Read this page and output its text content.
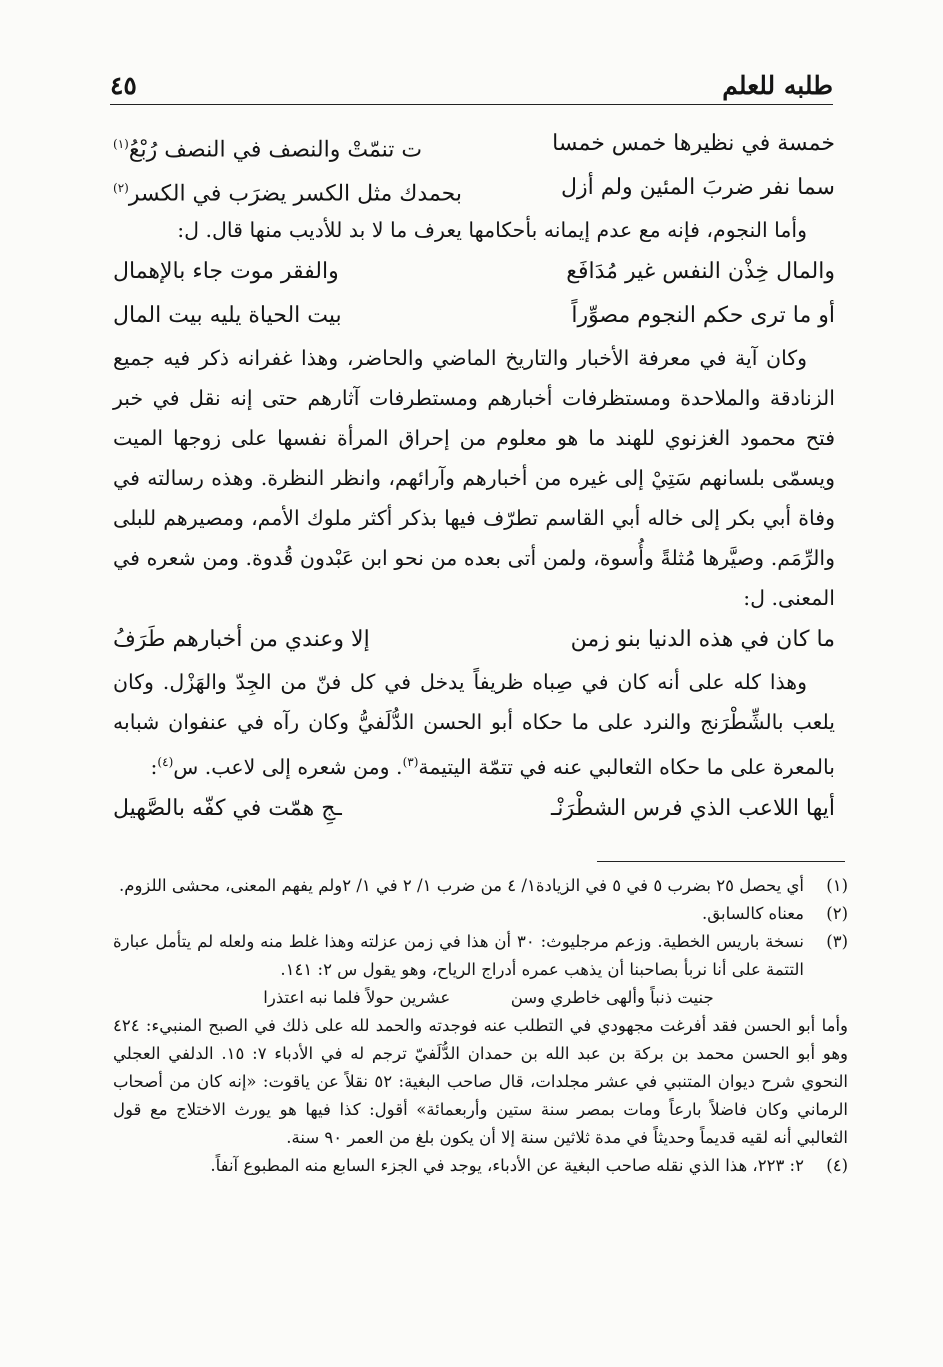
طلبه للعلم
٤٥
خمسة في نظيرها خمس خمسا
ت تنمّتْ والنصف في النصف رُبْعُ$^{(١)}$
سما نفر ضربَ المئين ولم أزل
بحمدك مثل الكسر يضرَب في الكسر$^{(٢)}$

وأما النجوم، فإنه مع عدم إيمانه بأحكامها يعرف ما لا بد للأديب منها قال. ل:

والمال خِذْن النفس غير مُدَافَع
والفقر موت جاء بالإهمال
أو ما ترى حكم النجوم مصوِّراً
بيت الحياة يليه بيت المال

وكان آية في معرفة الأخبار والتاريخ الماضي والحاضر، وهذا غفرانه ذكر فيه جميع الزنادقة والملاحدة ومستظرفات أخبارهم ومستطرفات آثارهم حتى إنه نقل في خبر فتح محمود الغزنوي للهند ما هو معلوم من إحراق المرأة نفسها على زوجها الميت ويسمّى بلسانهم سَتِيْ إلى غيره من أخبارهم وآرائهم، وانظر النظرة. وهذه رسالته في وفاة أبي بكر إلى خاله أبي القاسم تطرّف فيها بذكر أكثر ملوك الأمم، ومصيرهم للبلى والرِّمَم. وصيَّرها مُثلةً وأُسوة، ولمن أتى بعده من نحو ابن عَبْدون قُدوة. ومن شعره في المعنى. ل:

ما كان في هذه الدنيا بنو زمن
إلا وعندي من أخبارهم طَرَفُ

وهذا كله على أنه كان في صِباه ظريفاً يدخل في كل فنّ من الجِدّ والهَزْل. وكان يلعب بالشِّطْرَنج والنرد على ما حكاه أبو الحسن الدُّلَفيُّ وكان رآه في عنفوان شبابه بالمعرة على ما حكاه الثعالبي عنه في تتمّة اليتيمة$^{(٣)}$. ومن شعره إلى لاعب. س$^{(٤)}$:

أيها اللاعب الذي فرس الشطْرَنْـ
ـجِ همّت في كفّه بالصَّهيل
(١)
أي يحصل ٢٥ بضرب ٥ في ٥ في الزيادة١/ ٤ من ضرب ١/ ٢ في ١/ ٢ولم يفهم المعنى، محشى اللزوم.
(٢)
معناه كالسابق.
(٣)
نسخة باريس الخطية. وزعم مرجليوث: ٣٠ أن هذا في زمن عزلته وهذا غلط منه ولعله لم يتأمل عبارة التتمة على أنا نربأ بصاحبنا أن يذهب عمره أدراج الرياح، وهو يقول س ٢: ١٤١.
جنيت ذنباً وألهى خاطري وسن
عشرين حولاً فلما نبه اعتذرا
وأما أبو الحسن فقد أفرغت مجهودي في التطلب عنه فوجدته والحمد لله على ذلك في الصبح المنبيء: ٤٢٤ وهو أبو الحسن محمد بن بركة بن عبد الله بن حمدان الدُّلَفيّ ترجم له في الأدباء ٧: ١٥. الدلفي العجلي النحوي شرح ديوان المتنبي في عشر مجلدات، قال صاحب البغية: ٥٢ نقلاً عن ياقوت: «إنه كان من أصحاب الرماني وكان فاضلاً بارعاً ومات بمصر سنة ستين وأربعمائة» أقول: كذا فيها هو يورث الاختلاج مع قول الثعالبي أنه لقيه قديماً وحديثاً في مدة ثلاثين سنة إلا أن يكون بلغ من العمر ٩٠ سنة.
(٤)
٢: ٢٢٣، هذا الذي نقله صاحب البغية عن الأدباء، يوجد في الجزء السابع منه المطبوع آنفاً.
